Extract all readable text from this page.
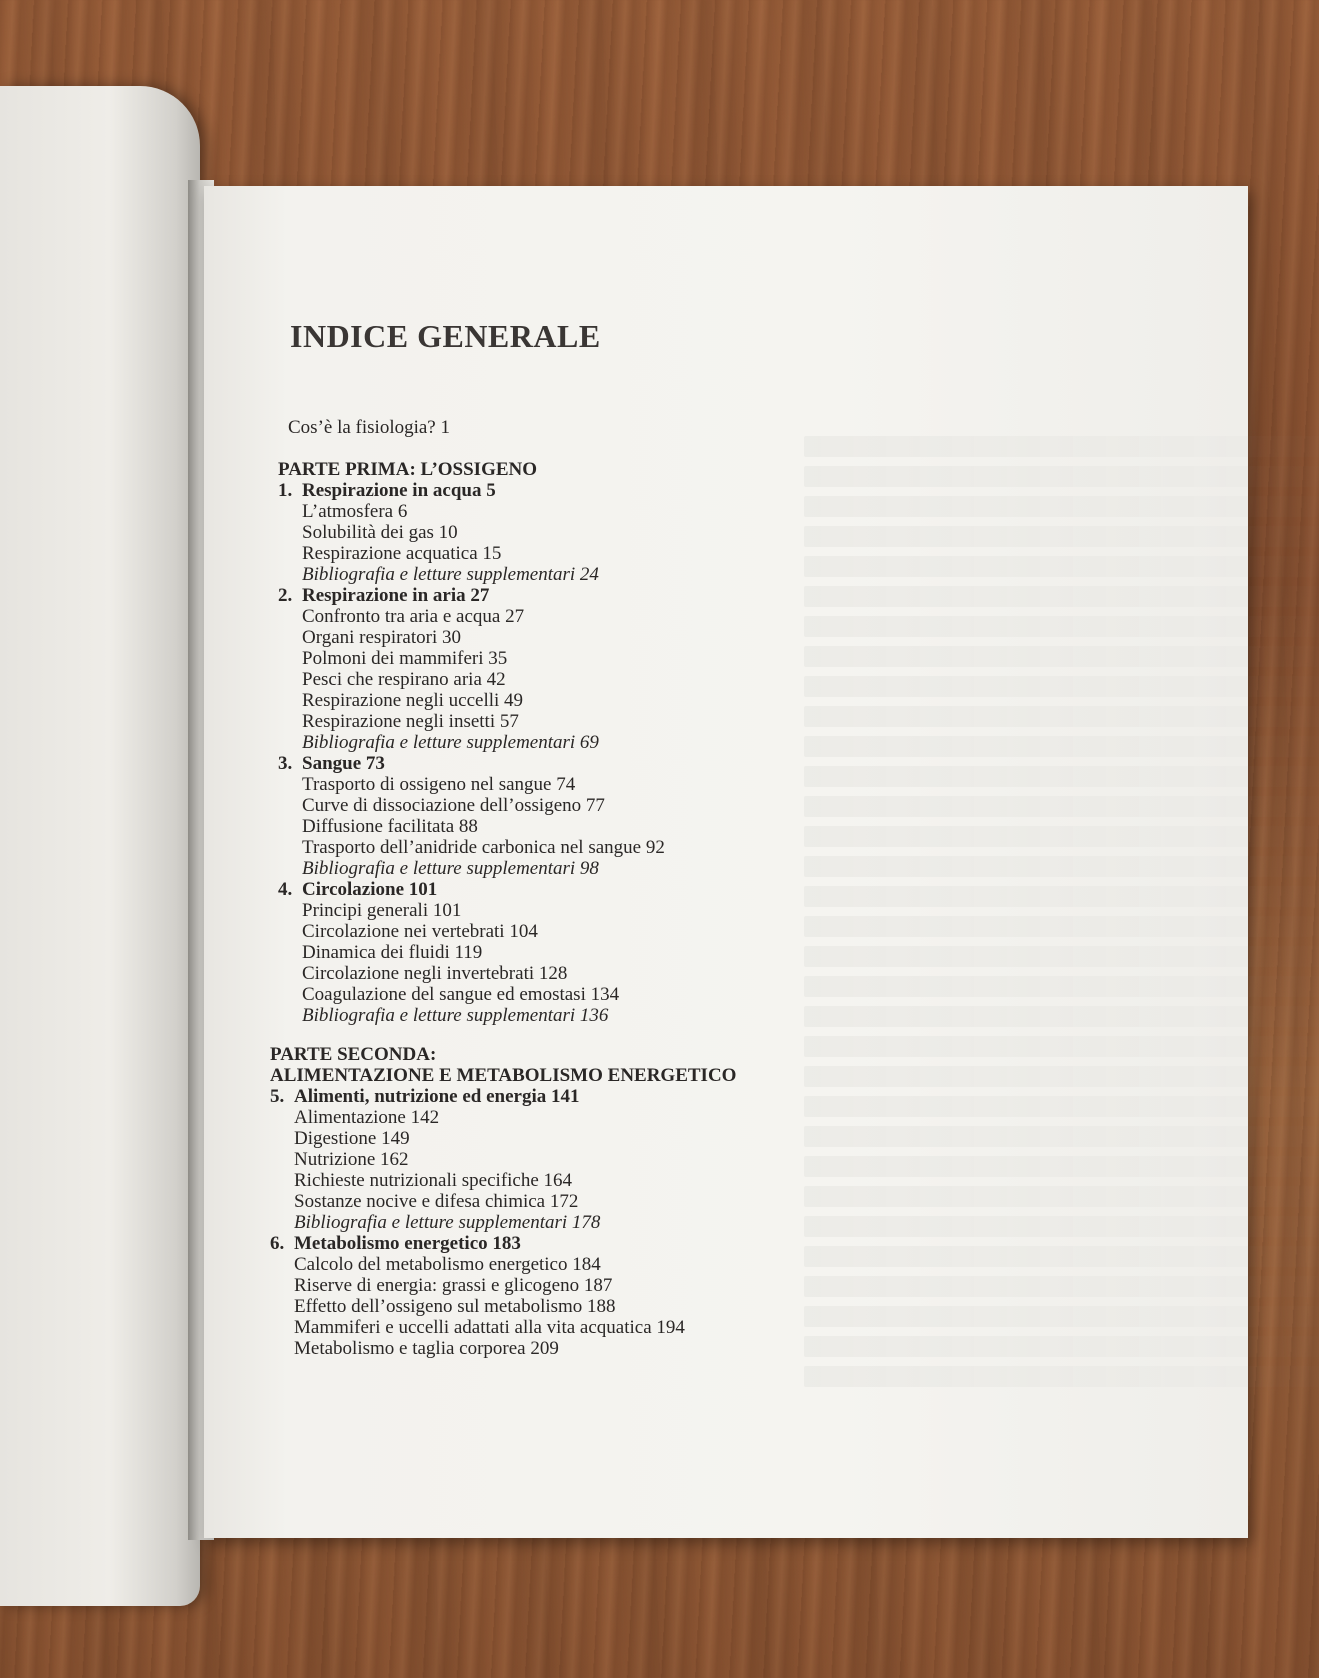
INDICE GENERALE
Cos’è la fisiologia? 1
PARTE PRIMA: L’OSSIGENO
1. Respirazione in acqua 5
L’atmosfera 6
Solubilità dei gas 10
Respirazione acquatica 15
Bibliografia e letture supplementari 24
2. Respirazione in aria 27
Confronto tra aria e acqua 27
Organi respiratori 30
Polmoni dei mammiferi 35
Pesci che respirano aria 42
Respirazione negli uccelli 49
Respirazione negli insetti 57
Bibliografia e letture supplementari 69
3. Sangue 73
Trasporto di ossigeno nel sangue 74
Curve di dissociazione dell’ossigeno 77
Diffusione facilitata 88
Trasporto dell’anidride carbonica nel sangue 92
Bibliografia e letture supplementari 98
4. Circolazione 101
Principi generali 101
Circolazione nei vertebrati 104
Dinamica dei fluidi 119
Circolazione negli invertebrati 128
Coagulazione del sangue ed emostasi 134
Bibliografia e letture supplementari 136
PARTE SECONDA:
ALIMENTAZIONE E METABOLISMO ENERGETICO
5. Alimenti, nutrizione ed energia 141
Alimentazione 142
Digestione 149
Nutrizione 162
Richieste nutrizionali specifiche 164
Sostanze nocive e difesa chimica 172
Bibliografia e letture supplementari 178
6. Metabolismo energetico 183
Calcolo del metabolismo energetico 184
Riserve di energia: grassi e glicogeno 187
Effetto dell’ossigeno sul metabolismo 188
Mammiferi e uccelli adattati alla vita acquatica 194
Metabolismo e taglia corporea 209
